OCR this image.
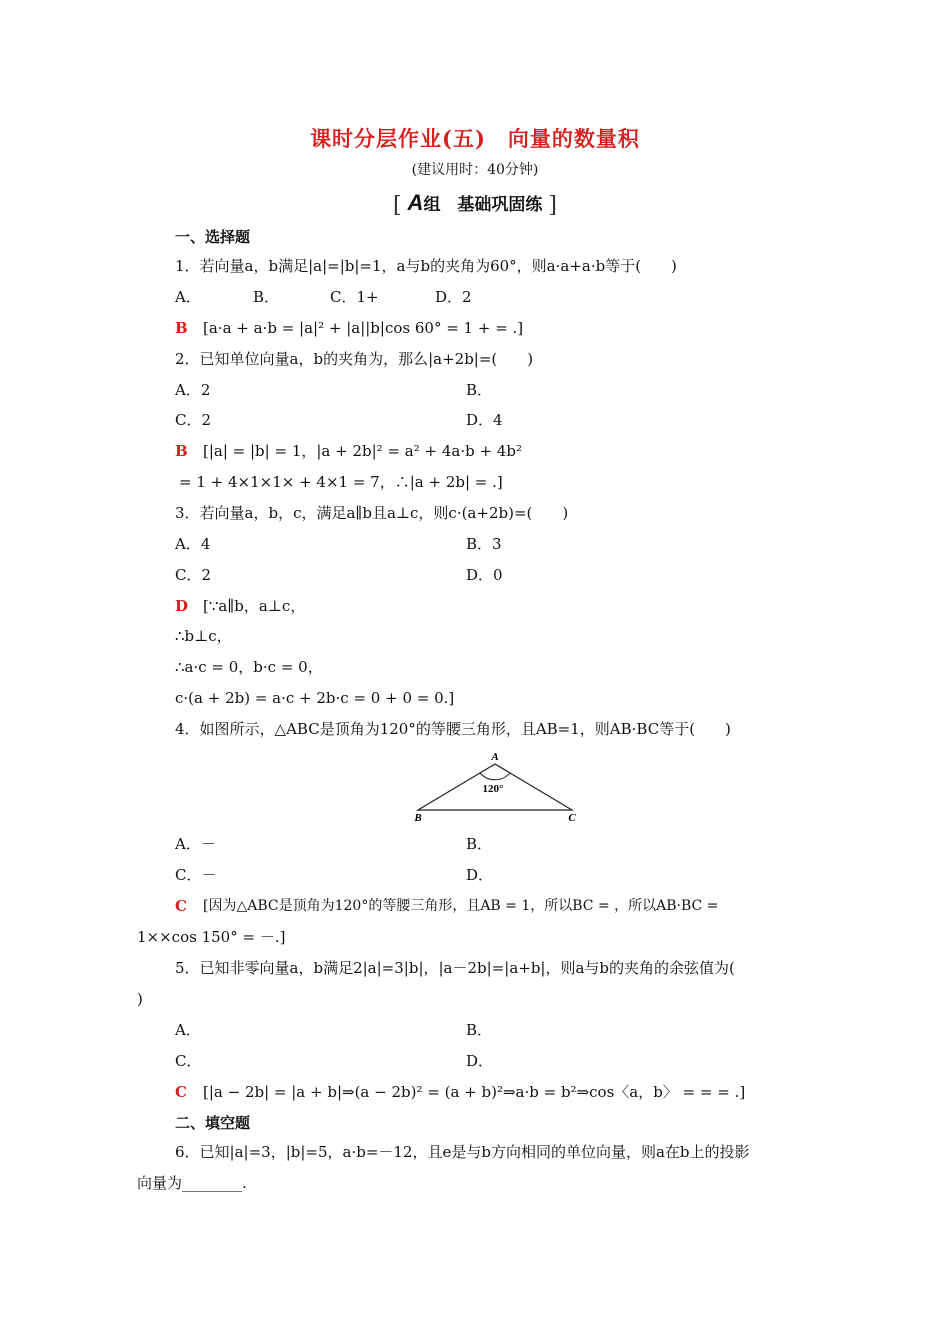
课时分层作业(五)　向量的数量积
(建议用时：40分钟)
[ A组　基础巩固练 ]
一、选择题
1．若向量a，b满足|a|=|b|=1，a与b的夹角为60°，则a·a+a·b等于(　　)
A．	B．	C．1+	D．2
B [a·a + a·b = |a|² + |a||b|cos 60° = 1 + = .]
2．已知单位向量a，b的夹角为，那么|a+2b|=(　　)
A．2	B．
C．2	D．4
B [|a| = |b| = 1，|a + 2b|² = a² + 4a·b + 4b²
= 1 + 4×1×1× + 4×1 = 7，∴|a + 2b| = .]
3．若向量a，b，c，满足a∥b且a⊥c，则c·(a+2b)=(　　)
A．4	B．3
C．2	D．0
D [∵a∥b，a⊥c，
∴b⊥c，
∴a·c = 0，b·c = 0，
c·(a + 2b) = a·c + 2b·c = 0 + 0 = 0.]
4．如图所示，△ABC是顶角为120°的等腰三角形，且AB=1，则AB·BC等于(　　)
A
B	C
120°
A．－	B．
C．－	D．
C [因为△ABC是顶角为120°的等腰三角形，且AB = 1，所以BC = ，所以AB·BC =
1××cos 150° = －.]
5．已知非零向量a，b满足2|a|=3|b|，|a－2b|=|a+b|，则a与b的夹角的余弦值为(
)
A．	B．
C．	D．
C [|a − 2b| = |a + b|⇒(a − 2b)² = (a + b)²⇒a·b = b²⇒cos〈a，b〉 = = = .]
二、填空题
6．已知|a|=3，|b|=5，a·b=－12，且e是与b方向相同的单位向量，则a在b上的投影
向量为________.
